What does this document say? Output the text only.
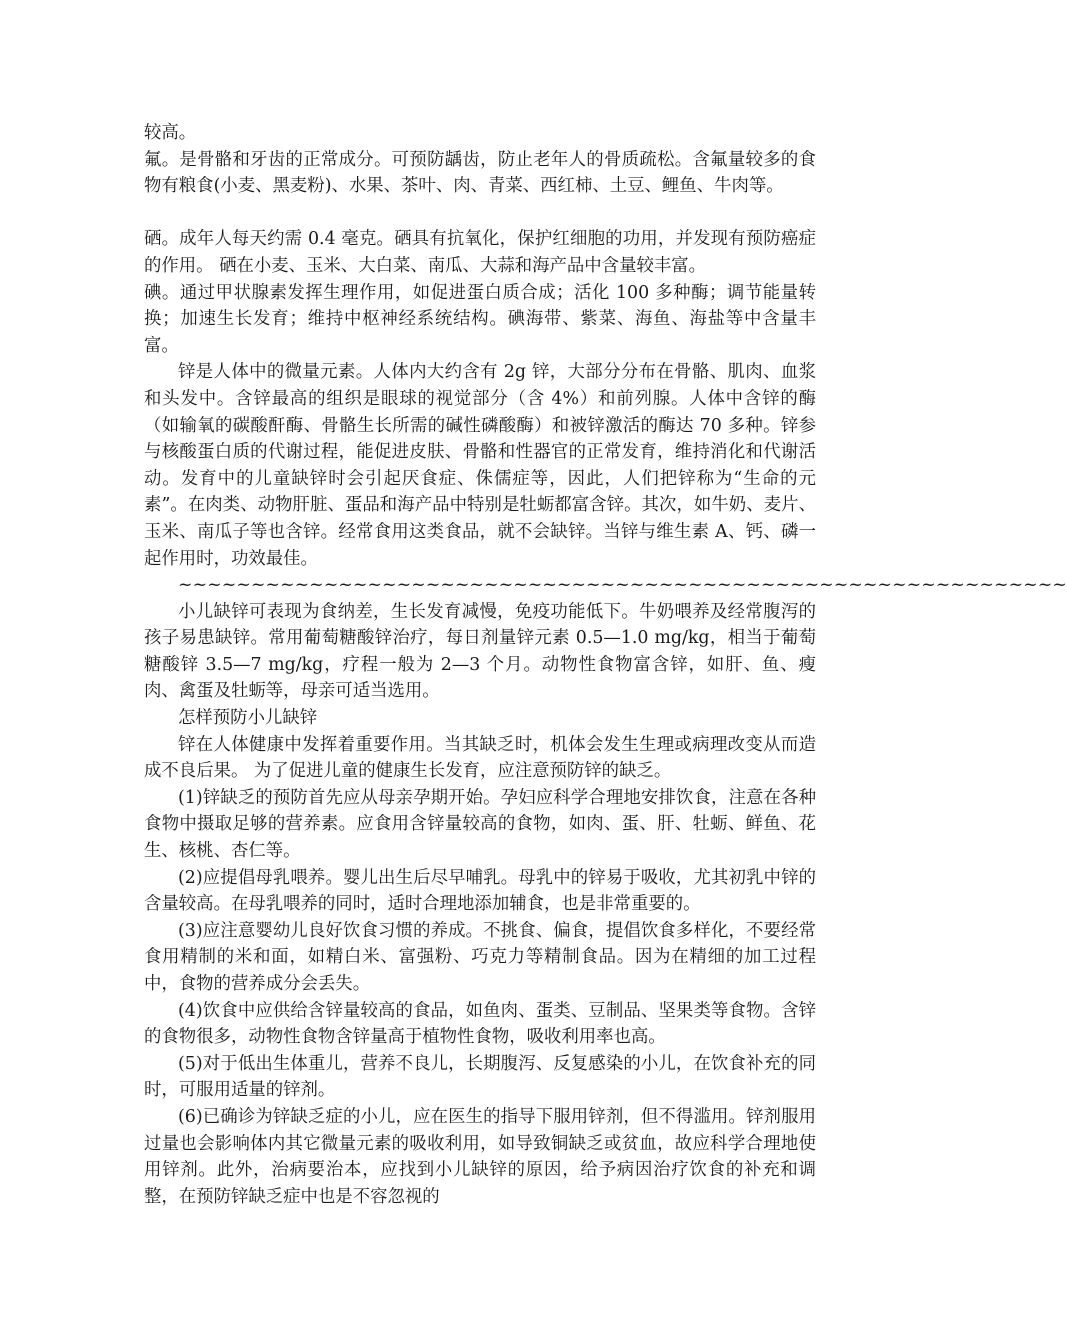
较高。

氟。是骨骼和牙齿的正常成分。可预防龋齿，防止老年人的骨质疏松。含氟量较多的食物有粮食(小麦、黑麦粉)、水果、茶叶、肉、青菜、西红柿、土豆、鲤鱼、牛肉等。

硒。成年人每天约需 0.4 毫克。硒具有抗氧化，保护红细胞的功用，并发现有预防癌症的作用。 硒在小麦、玉米、大白菜、南瓜、大蒜和海产品中含量较丰富。

碘。通过甲状腺素发挥生理作用，如促进蛋白质合成；活化 100 多种酶；调节能量转换；加速生长发育；维持中枢神经系统结构。碘海带、紫菜、海鱼、海盐等中含量丰富。

锌是人体中的微量元素。人体内大约含有 2g 锌，大部分分布在骨骼、肌肉、血浆和头发中。含锌最高的组织是眼球的视觉部分（含 4%）和前列腺。人体中含锌的酶（如输氧的碳酸酐酶、骨骼生长所需的碱性磷酸酶）和被锌激活的酶达 70 多种。锌参与核酸蛋白质的代谢过程，能促进皮肤、骨骼和性器官的正常发育，维持消化和代谢活动。发育中的儿童缺锌时会引起厌食症、侏儒症等，因此，人们把锌称为“生命的元素”。在肉类、动物肝脏、蛋品和海产品中特别是牡蛎都富含锌。其次，如牛奶、麦片、玉米、南瓜子等也含锌。经常食用这类食品，就不会缺锌。当锌与维生素 A、钙、磷一起作用时，功效最佳。

~~~~~~~~~~~~~~~~~~~~~~~~~~~~~~~~~~~~~~~~~~~~~~~~~~~~~~~~~~~~~

小儿缺锌可表现为食纳差，生长发育减慢，免疫功能低下。牛奶喂养及经常腹泻的孩子易患缺锌。常用葡萄糖酸锌治疗，每日剂量锌元素 0.5—1.0 mg/kg，相当于葡萄糖酸锌 3.5—7 mg/kg，疗程一般为 2—3 个月。动物性食物富含锌，如肝、鱼、瘦肉、禽蛋及牡蛎等，母亲可适当选用。

怎样预防小儿缺锌

锌在人体健康中发挥着重要作用。当其缺乏时，机体会发生生理或病理改变从而造成不良后果。 为了促进儿童的健康生长发育，应注意预防锌的缺乏。

(1)锌缺乏的预防首先应从母亲孕期开始。孕妇应科学合理地安排饮食，注意在各种食物中摄取足够的营养素。应食用含锌量较高的食物，如肉、蛋、肝、牡蛎、鲜鱼、花生、核桃、杏仁等。

(2)应提倡母乳喂养。婴儿出生后尽早哺乳。母乳中的锌易于吸收，尤其初乳中锌的含量较高。在母乳喂养的同时，适时合理地添加辅食，也是非常重要的。

(3)应注意婴幼儿良好饮食习惯的养成。不挑食、偏食，提倡饮食多样化，不要经常食用精制的米和面，如精白米、富强粉、巧克力等精制食品。因为在精细的加工过程中，食物的营养成分会丢失。

(4)饮食中应供给含锌量较高的食品，如鱼肉、蛋类、豆制品、坚果类等食物。含锌的食物很多，动物性食物含锌量高于植物性食物，吸收利用率也高。

(5)对于低出生体重儿，营养不良儿，长期腹泻、反复感染的小儿，在饮食补充的同时，可服用适量的锌剂。

(6)已确诊为锌缺乏症的小儿，应在医生的指导下服用锌剂，但不得滥用。锌剂服用过量也会影响体内其它微量元素的吸收利用，如导致铜缺乏或贫血，故应科学合理地使用锌剂。此外，治病要治本，应找到小儿缺锌的原因，给予病因治疗饮食的补充和调整，在预防锌缺乏症中也是不容忽视的
